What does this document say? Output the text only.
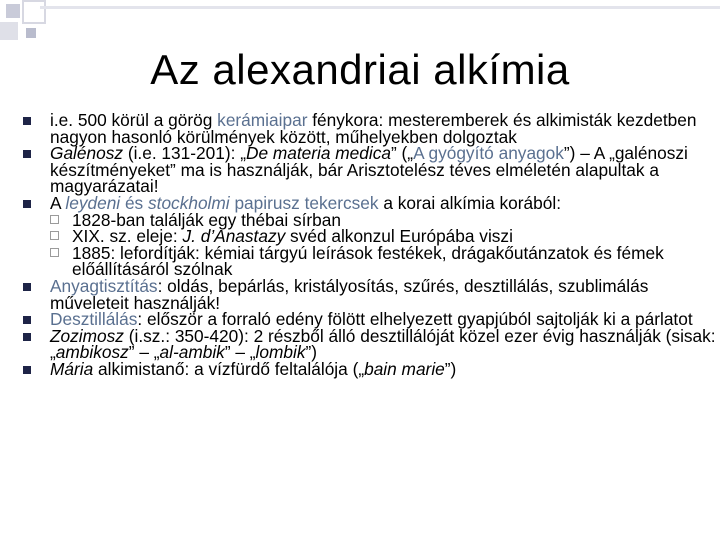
Az alexandriai alkímia
i.e. 500 körül a görög kerámiaipar fénykora: mesteremberek és alkimisták kezdetben nagyon hasonló körülmények között, műhelyekben dolgoztak
Galénosz (i.e. 131-201): „De materia medica” („A gyógyító anyagok”) – A „galénoszi készítményeket” ma is használják, bár Arisztotelész téves elméletén alapultak a magyarázatai!
A leydeni és stockholmi papirusz tekercsek a korai alkímia korából:
1828-ban találják egy thébai sírban
XIX. sz. eleje: J. d’Anastazy svéd alkonzul Európába viszi
1885: lefordítják: kémiai tárgyú leírások festékek, drágakőutánzatok és fémek előállításáról szólnak
Anyagtisztítás: oldás, bepárlás, kristályosítás, szűrés, desztillálás, szublimálás műveleteit használják!
Desztillálás: először a forraló edény fölött elhelyezett gyapjúból sajtolják ki a párlatot
Zozimosz (i.sz.: 350-420): 2 részből álló desztillálóját közel ezer évig használják (sisak: „ambikosz” – „al-ambik” – „lombik”)
Mária alkimistanő: a vízfürdő feltalálója („bain marie”)
